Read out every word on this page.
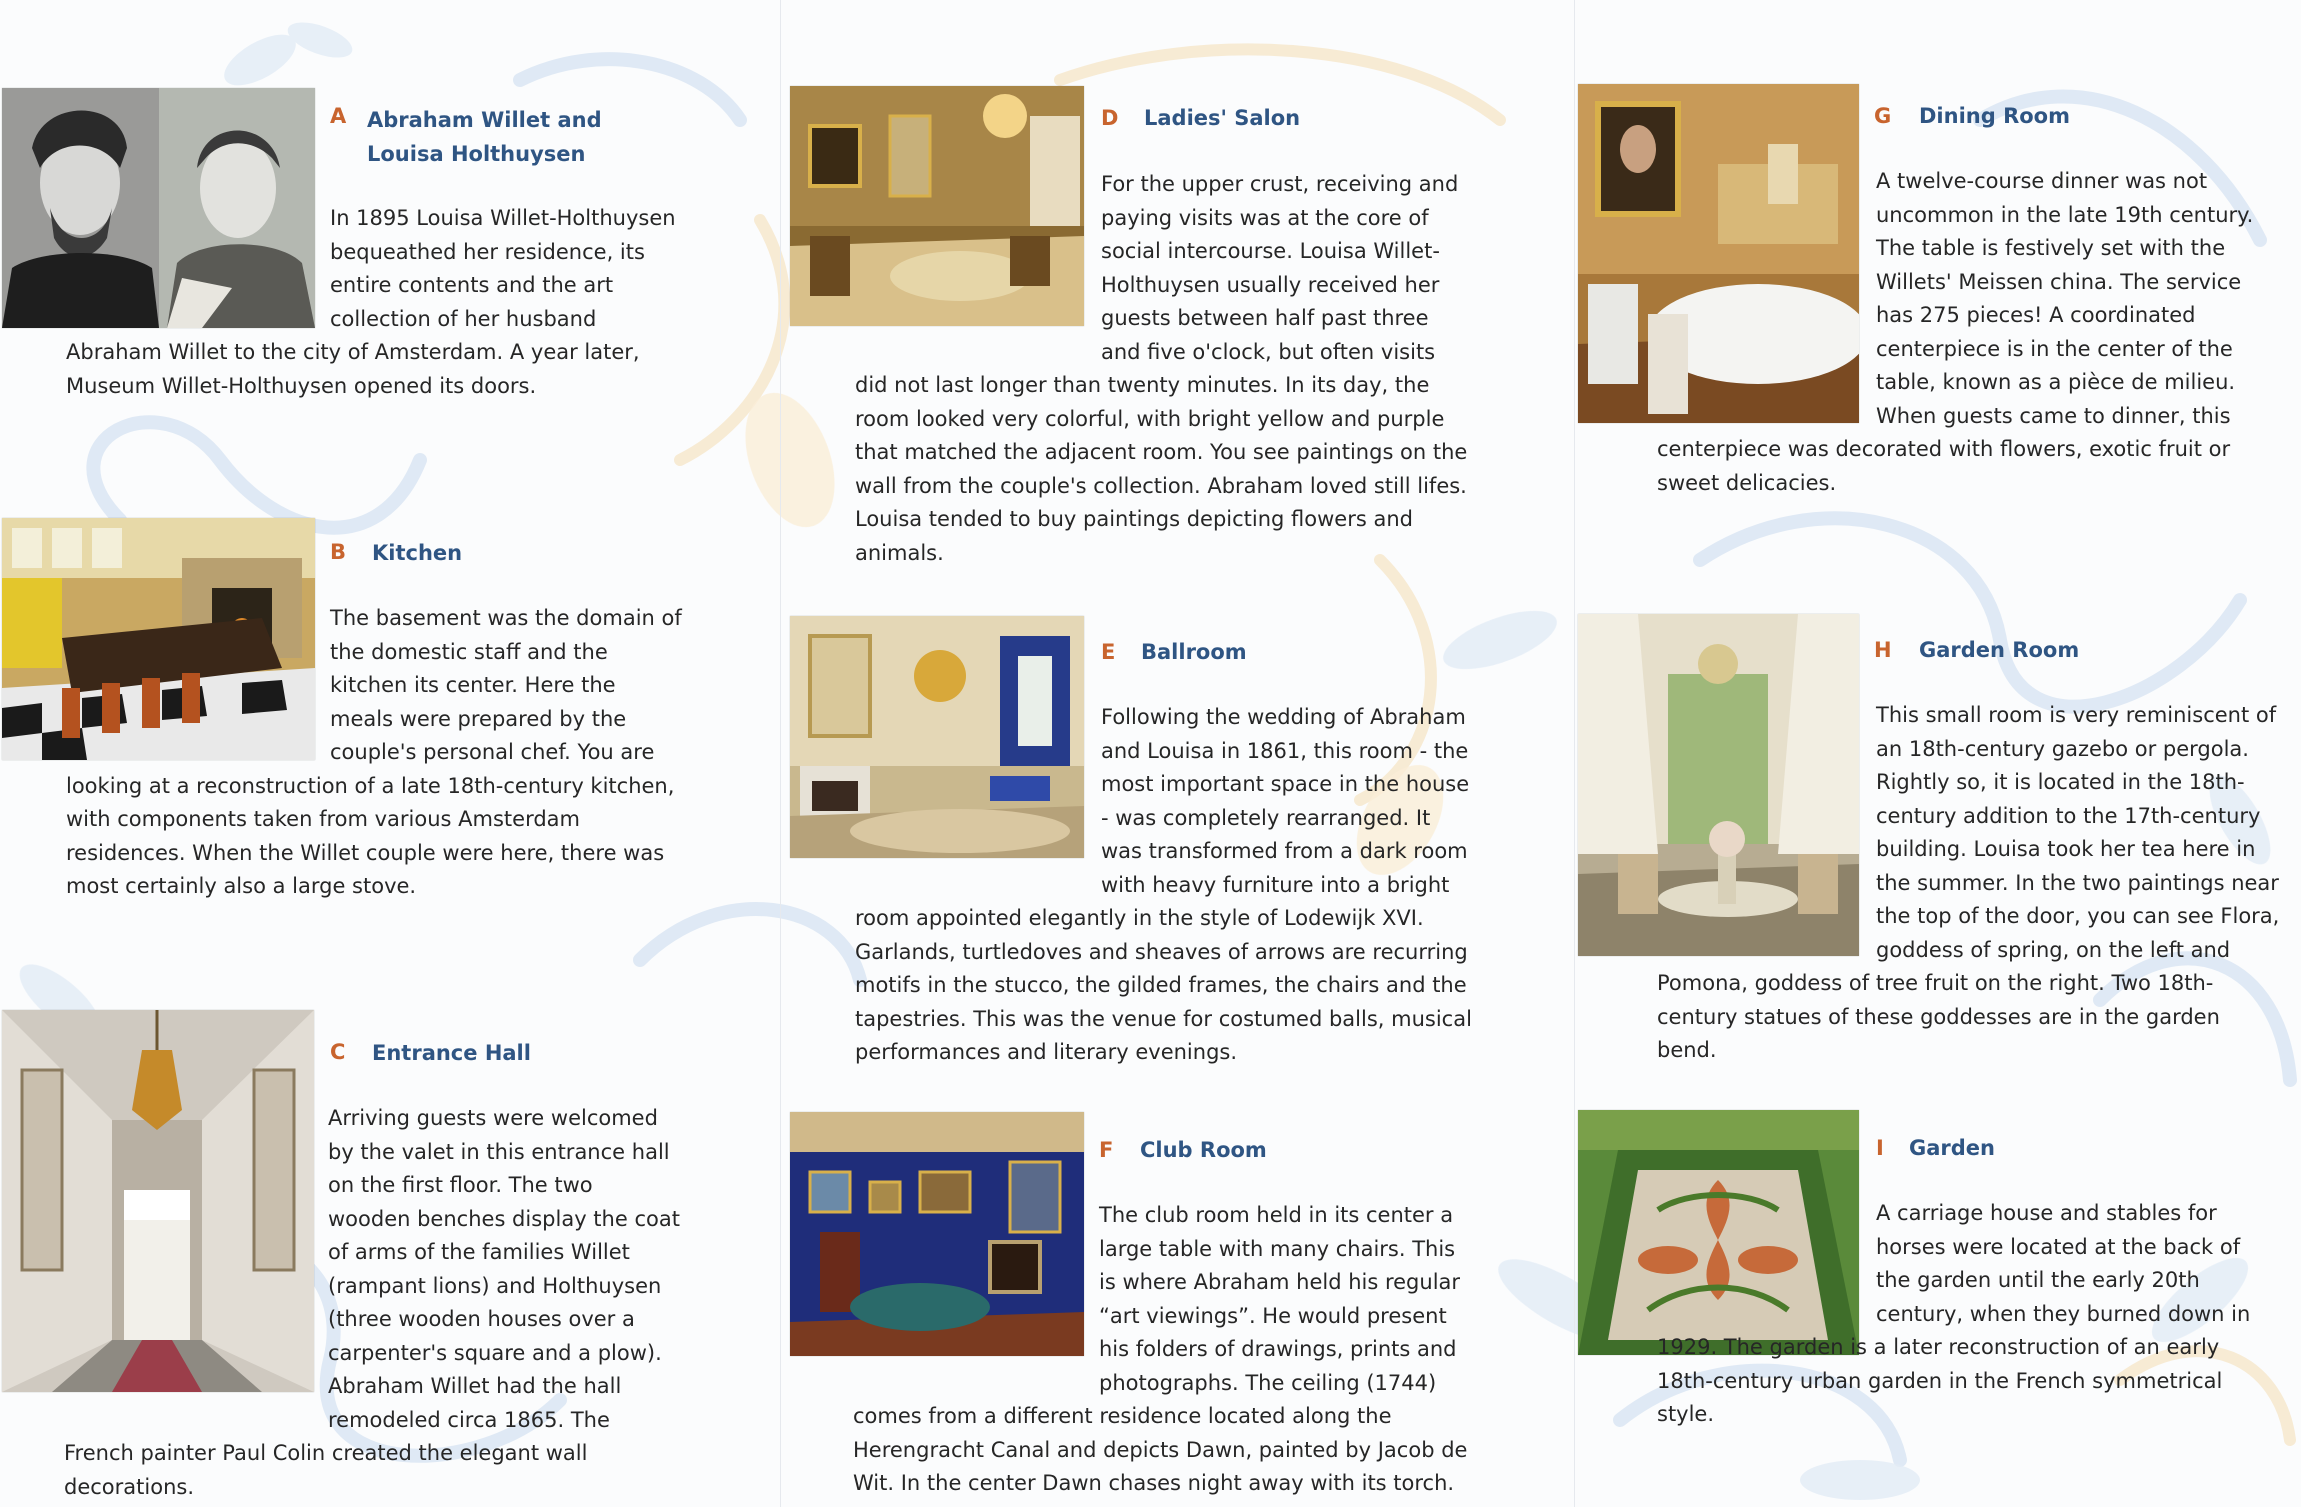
A Abraham Willet and Louisa Holthuysen

In 1895 Louisa Willet-Holthuysen bequeathed her residence, its entire contents and the art collection of her husband Abraham Willet to the city of Amsterdam. A year later, Museum Willet-Holthuysen opened its doors.

B Kitchen

The basement was the domain of the domestic staff and the kitchen its center. Here the meals were prepared by the couple's personal chef. You are looking at a reconstruction of a late 18th-century kitchen, with components taken from various Amsterdam residences. When the Willet couple were here, there was most certainly also a large stove.

C Entrance Hall

Arriving guests were welcomed by the valet in this entrance hall on the first floor. The two wooden benches display the coat of arms of the families Willet (rampant lions) and Holthuysen (three wooden houses over a carpenter's square and a plow). Abraham Willet had the hall remodeled circa 1865. The French painter Paul Colin created the elegant wall decorations.

D Ladies' Salon

For the upper crust, receiving and paying visits was at the core of social intercourse. Louisa Willet-Holthuysen usually received her guests between half past three and five o'clock, but often visits did not last longer than twenty minutes. In its day, the room looked very colorful, with bright yellow and purple that matched the adjacent room. You see paintings on the wall from the couple's collection. Abraham loved still lifes. Louisa tended to buy paintings depicting flowers and animals.

E Ballroom

Following the wedding of Abraham and Louisa in 1861, this room - the most important space in the house - was completely rearranged. It was transformed from a dark room with heavy furniture into a bright room appointed elegantly in the style of Lodewijk XVI. Garlands, turtledoves and sheaves of arrows are recurring motifs in the stucco, the gilded frames, the chairs and the tapestries. This was the venue for costumed balls, musical performances and literary evenings.

F Club Room

The club room held in its center a large table with many chairs. This is where Abraham held his regular “art viewings”. He would present his folders of drawings, prints and photographs. The ceiling (1744) comes from a different residence located along the Herengracht Canal and depicts Dawn, painted by Jacob de Wit. In the center Dawn chases night away with its torch.

G Dining Room

A twelve-course dinner was not uncommon in the late 19th century. The table is festively set with the Willets' Meissen china. The service has 275 pieces! A coordinated centerpiece is in the center of the table, known as a pièce de milieu. When guests came to dinner, this centerpiece was decorated with flowers, exotic fruit or sweet delicacies.

H Garden Room

This small room is very reminiscent of an 18th-century gazebo or pergola. Rightly so, it is located in the 18th-century addition to the 17th-century building. Louisa took her tea here in the summer. In the two paintings near the top of the door, you can see Flora, goddess of spring, on the left and Pomona, goddess of tree fruit on the right. Two 18th-century statues of these goddesses are in the garden bend.

I Garden

A carriage house and stables for horses were located at the back of the garden until the early 20th century, when they burned down in 1929. The garden is a later reconstruction of an early 18th-century urban garden in the French symmetrical style.
